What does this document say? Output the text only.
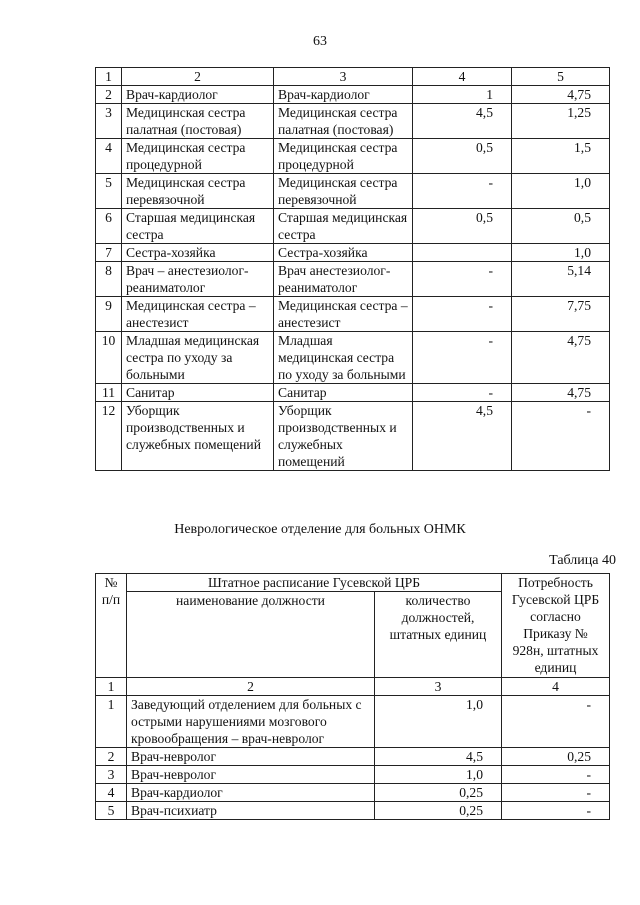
63
1	2	3	4	5
2	Врач-кардиолог	Врач-кардиолог	1	4,75
3	Медицинская сестра палатная (постовая)	Медицинская сестра палатная (постовая)	4,5	1,25
4	Медицинская сестра процедурной	Медицинская сестра процедурной	0,5	1,5
5	Медицинская сестра перевязочной	Медицинская сестра перевязочной	-	1,0
6	Старшая медицинская сестра	Старшая медицинская сестра	0,5	0,5
7	Сестра-хозяйка	Сестра-хозяйка		1,0
8	Врач – анестезиолог-реаниматолог	Врач анестезиолог-реаниматолог	-	5,14
9	Медицинская сестра – анестезист	Медицинская сестра – анестезист	-	7,75
10	Младшая медицинская сестра по уходу за больными	Младшая медицинская сестра по уходу за больными	-	4,75
11	Санитар	Санитар	-	4,75
12	Уборщик производственных и служебных помещений	Уборщик производственных и служебных помещений	4,5	-
Неврологическое отделение для больных ОНМК
Таблица 40
№ п/п	Штатное расписание Гусевской ЦРБ		Потребность Гусевской ЦРБ согласно Приказу № 928н, штатных единиц
	наименование должности	количество должностей, штатных единиц	
1	2	3	4
1	Заведующий отделением для больных с острыми нарушениями мозгового кровообращения – врач-невролог	1,0	-
2	Врач-невролог	4,5	0,25
3	Врач-невролог	1,0	-
4	Врач-кардиолог	0,25	-
5	Врач-психиатр	0,25	-
